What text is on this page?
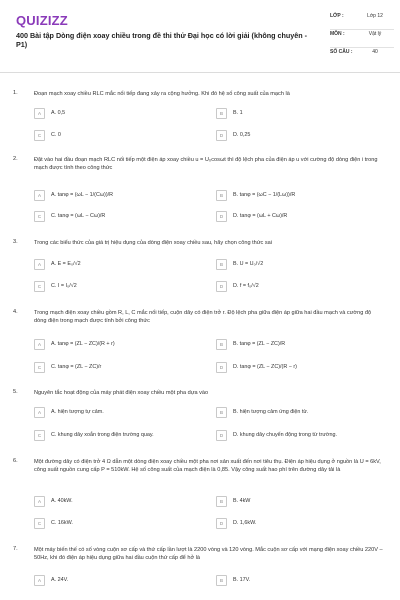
QUIZIZZ
400 Bài tập Dòng điện xoay chiều trong đề thi thử Đại học có lời giải (không chuyên - P1)
LỚP :	Lớp 12
MÔN :	Vật lý
SỐ CÂU :	40
1.	Đoạn mạch xoay chiều RLC mắc nối tiếp đang xảy ra cộng hưởng. Khi đó hệ số công suất của mạch là
A	A. 0,5	B	B. 1
C	C. 0	D	D. 0,25
2.	Đặt vào hai đầu đoạn mạch RLC nối tiếp một điện áp xoay chiều u = U₀cosωt thì độ lệch pha của điện áp u với cường độ dòng điện i trong mạch được tính theo công thức
A	A. tanφ = (ωL − 1/(Cω))/R	B	B. tanφ = (ωC − 1/(Lω))/R
C	C. tanφ = (ωL − Cω)/R	D	D. tanφ = (ωL + Cω)/R
3.	Trong các biểu thức của giá trị hiệu dụng của dòng điện xoay chiều sau, hãy chọn công thức sai
A	A. E = E₀/√2	B	B. U = U₀/√2
C	C. I = I₀/√2	D	D. f = f₀/√2
4.	Trong mạch điện xoay chiều gồm R, L, C mắc nối tiếp, cuộn dây có điện trở r. Độ lệch pha giữa điện áp giữa hai đầu mạch và cường độ dòng điện trong mạch được tính bởi công thức
A	A. tanφ = (ZL − ZC)/(R + r)	B	B. tanφ = (ZL − ZC)/R
C	C. tanφ = (ZL − ZC)/r	D	D. tanφ = (ZL − ZC)/(R − r)
5.	Nguyên tắc hoạt động của máy phát điện xoay chiều một pha dựa vào
A	A. hiện tượng tự cảm.	B	B. hiện tượng cảm ứng điện từ.
C	C. khung dây xoắn trong điện trường quay.	D	D. khung dây chuyển động trong từ trường.
6.	Một đường dây có điện trở 4 Ω dẫn một dòng điện xoay chiều một pha nơi sản xuất đến nơi tiêu thụ. Điện áp hiệu dụng ở nguồn là U = 6kV, công suất nguồn cung cấp P = 510kW. Hệ số công suất của mạch điện là 0,85. Vậy công suất hao phí trên đường dây tải là
A	A. 40kW.	B	B. 4kW
C	C. 16kW.	D	D. 1,6kW.
7.	Một máy biến thế có số vòng cuộn sơ cấp và thứ cấp lần lượt là 2200 vòng và 120 vòng. Mắc cuộn sơ cấp với mạng điện xoay chiều 220V – 50Hz, khi đó điện áp hiệu dụng giữa hai đầu cuộn thứ cấp để hở là
A	A. 24V.	B	B. 17V.
